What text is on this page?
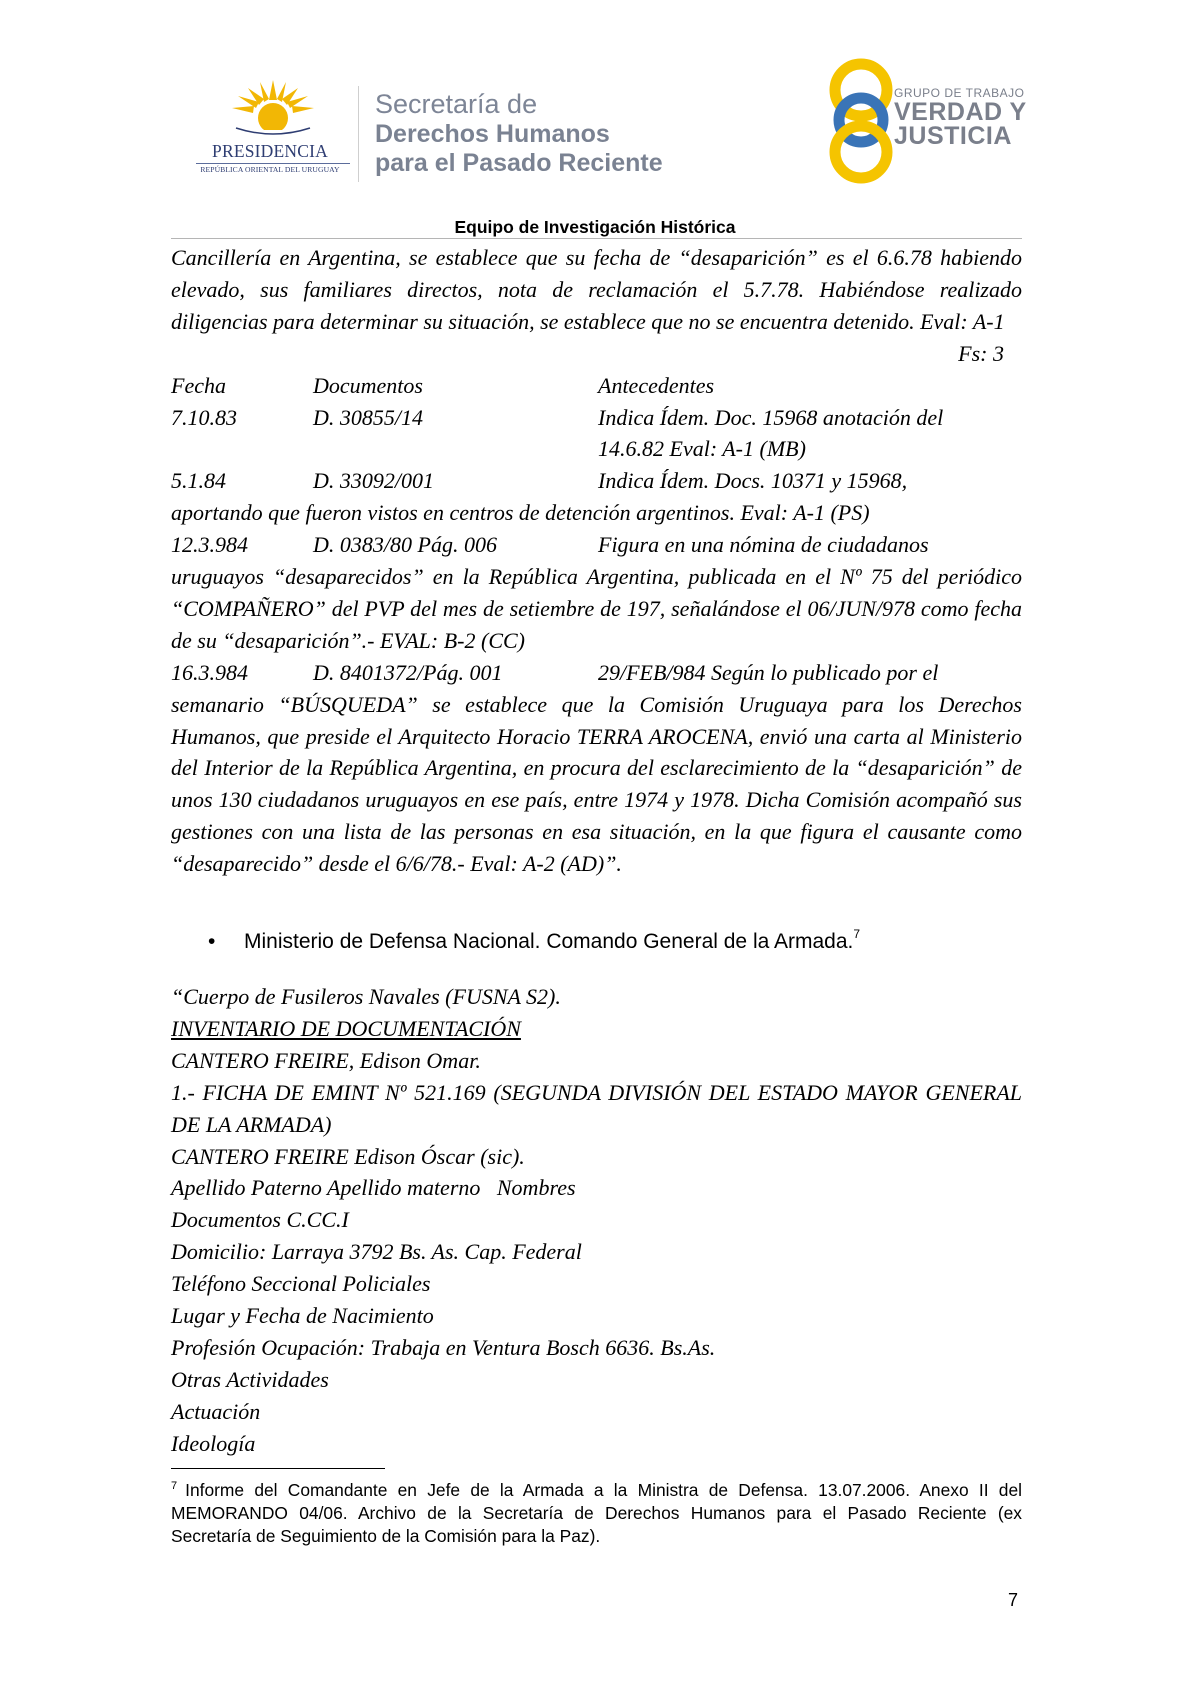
PRESIDENCIA
REPÚBLICA ORIENTAL DEL URUGUAY
Secretaría de
Derechos Humanos
para el Pasado Reciente
GRUPO DE TRABAJO
VERDAD Y
JUSTICIA
Equipo de Investigación Histórica

Cancillería en Argentina, se establece que su fecha de “desaparición” es el 6.6.78 habiendo elevado, sus familiares directos, nota de reclamación el 5.7.78. Habiéndose realizado diligencias para determinar su situación, se establece que no se encuentra detenido. Eval: A-1

Fs: 3

Fecha	Documentos	Antecedentes
7.10.83	D. 30855/14	Indica Ídem. Doc. 15968 anotación del

14.6.82 Eval: A-1 (MB)

5.1.84	D. 33092/001	Indica Ídem. Docs. 10371 y 15968,

aportando que fueron vistos en centros de detención argentinos. Eval: A-1 (PS)

12.3.984	D. 0383/80 Pág. 006	Figura en una nómina de ciudadanos

uruguayos “desaparecidos” en la República Argentina, publicada en el Nº 75 del periódico “COMPAÑERO” del PVP del mes de setiembre de 197, señalándose el 06/JUN/978 como fecha de su “desaparición”.- EVAL: B-2 (CC)

16.3.984	D. 8401372/Pág. 001	29/FEB/984 Según lo publicado por el

semanario “BÚSQUEDA” se establece que la Comisión Uruguaya para los Derechos Humanos, que preside el Arquitecto Horacio TERRA AROCENA, envió una carta al Ministerio del Interior de la República Argentina, en procura del esclarecimiento de la “desaparición” de unos 130 ciudadanos uruguayos en ese país, entre 1974 y 1978. Dicha Comisión acompañó sus gestiones con una lista de las personas en esa situación, en la que figura el causante como “desaparecido” desde el 6/6/78.- Eval: A-2 (AD)”.

• Ministerio de Defensa Nacional. Comando General de la Armada.$^7$

“Cuerpo de Fusileros Navales (FUSNA S2).

INVENTARIO DE DOCUMENTACIÓN

CANTERO FREIRE, Edison Omar.

1.- FICHA DE EMINT Nº 521.169 (SEGUNDA DIVISIÓN DEL ESTADO MAYOR GENERAL DE LA ARMADA)

CANTERO FREIRE Edison Óscar (sic).

Apellido Paterno Apellido materno   Nombres

Documentos C.CC.I

Domicilio: Larraya 3792 Bs. As. Cap. Federal

Teléfono Seccional Policiales

Lugar y Fecha de Nacimiento

Profesión Ocupación: Trabaja en Ventura Bosch 6636. Bs.As.

Otras Actividades

Actuación

Ideología

$^7$ Informe del Comandante en Jefe de la Armada a la Ministra de Defensa. 13.07.2006. Anexo II del MEMORANDO 04/06. Archivo de la Secretaría de Derechos Humanos para el Pasado Reciente (ex Secretaría de Seguimiento de la Comisión para la Paz).
7
